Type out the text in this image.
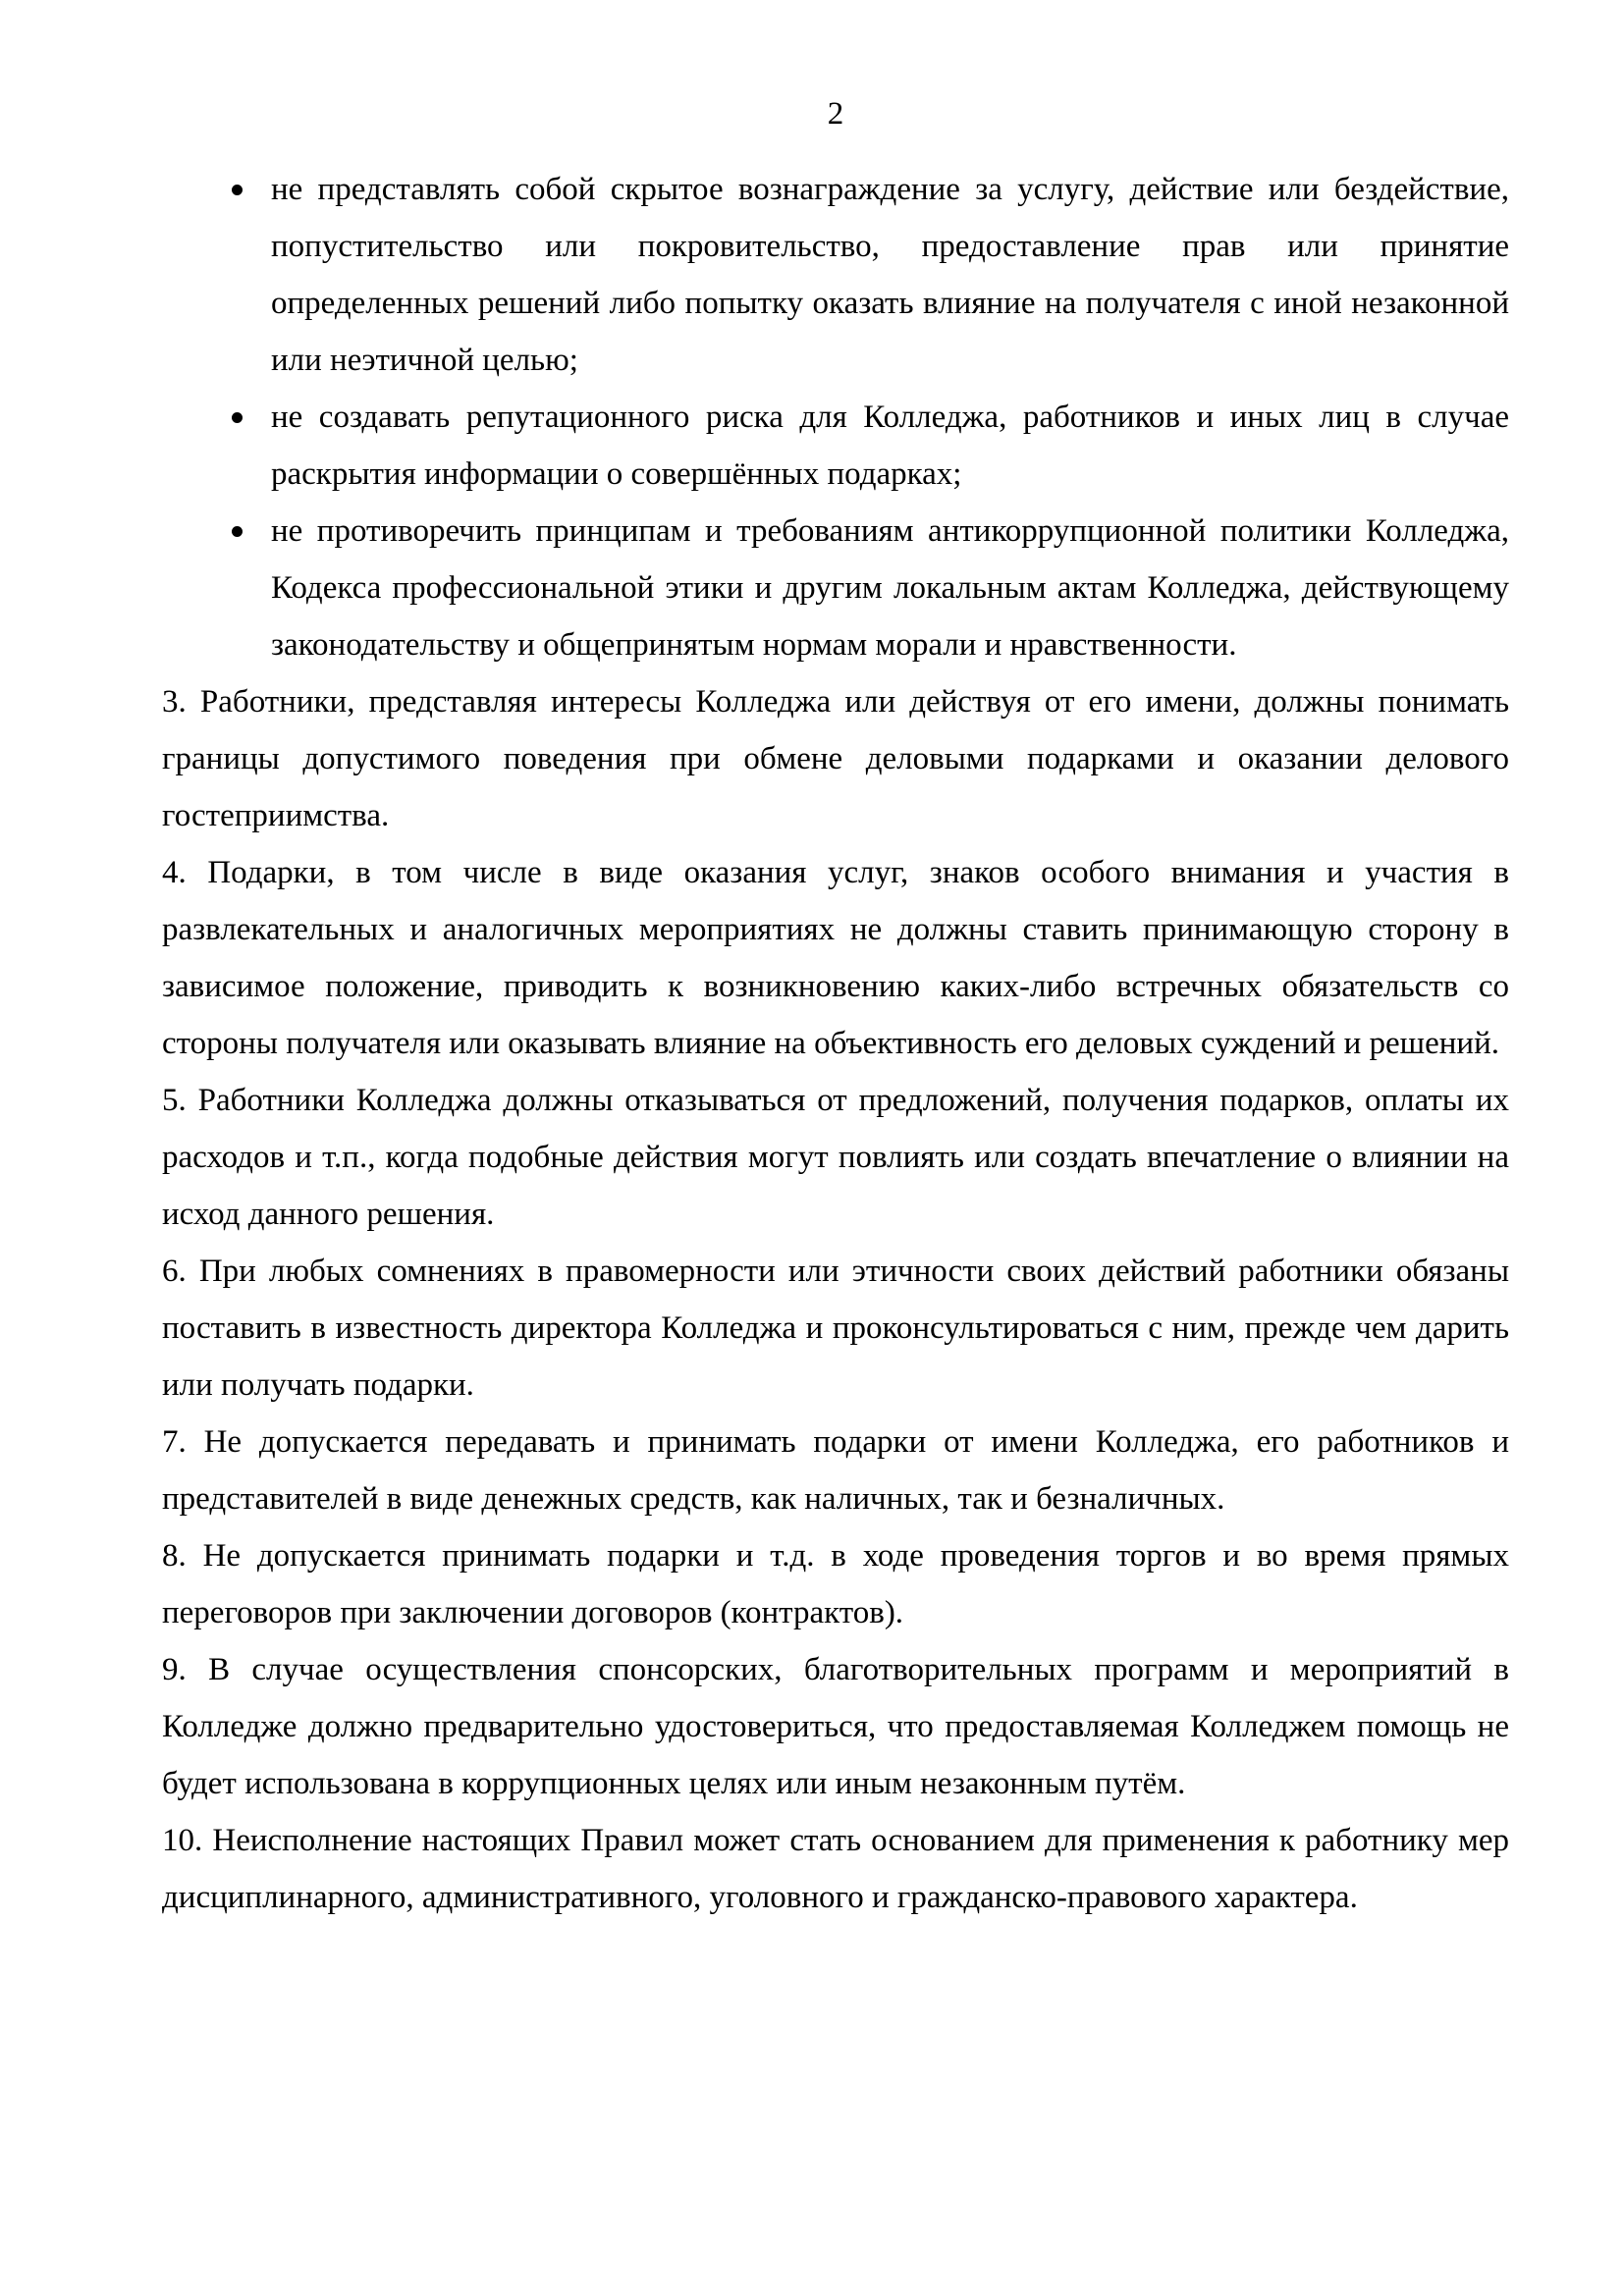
2
не представлять собой скрытое вознаграждение за услугу, действие или бездействие, попустительство или покровительство, предоставление прав или принятие определенных решений либо попытку оказать влияние на получателя с иной незаконной или неэтичной целью;
не создавать репутационного риска для Колледжа, работников и иных лиц в случае раскрытия информации о совершённых подарках;
не противоречить принципам и требованиям антикоррупционной политики Колледжа, Кодекса профессиональной этики и другим локальным актам Колледжа, действующему законодательству и общепринятым нормам морали и нравственности.

3. Работники, представляя интересы Колледжа или действуя от его имени, должны понимать границы допустимого поведения при обмене деловыми подарками и оказании делового гостеприимства.

4. Подарки, в том числе в виде оказания услуг, знаков особого внимания и участия в развлекательных и аналогичных мероприятиях не должны ставить принимающую сторону в зависимое положение, приводить к возникновению каких-либо встречных обязательств со стороны получателя или оказывать влияние на объективность его деловых суждений и решений.

5. Работники Колледжа должны отказываться от предложений, получения подарков, оплаты их расходов и т.п., когда подобные действия могут повлиять или создать впечатление о влиянии на исход данного решения.

6. При любых сомнениях в правомерности или этичности своих действий работники обязаны поставить в известность директора Колледжа и проконсультироваться с ним, прежде чем дарить или получать подарки.

7. Не допускается передавать и принимать подарки от имени Колледжа, его работников и представителей в виде денежных средств, как наличных, так и безналичных.

8. Не допускается принимать подарки и т.д. в ходе проведения торгов и во время прямых переговоров при заключении договоров (контрактов).

9. В случае осуществления спонсорских, благотворительных программ и мероприятий в Колледже должно предварительно удостовериться, что предоставляемая Колледжем помощь не будет использована в коррупционных целях или иным незаконным путём.

10. Неисполнение настоящих Правил может стать основанием для применения к работнику мер дисциплинарного, административного, уголовного и гражданско-правового характера.
